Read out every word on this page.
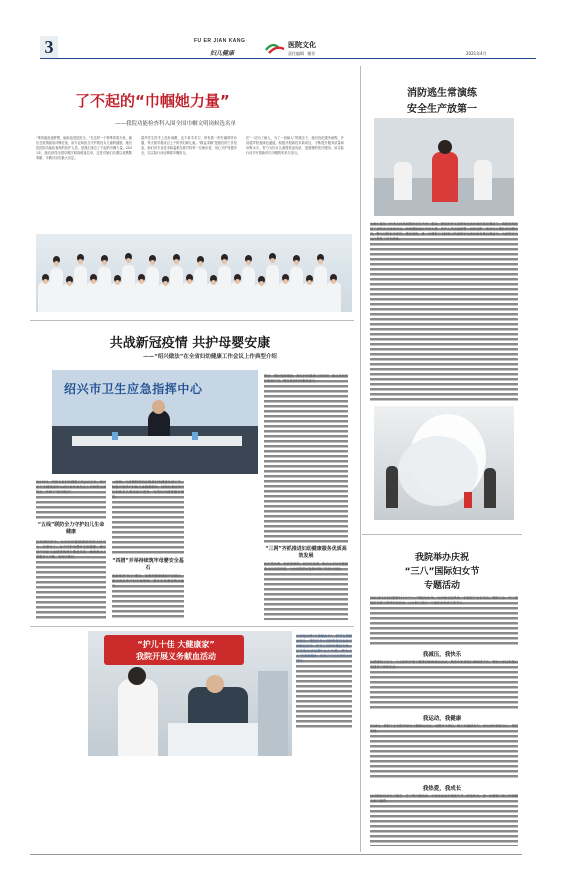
3	FU ER JIAN KANG
妇儿健康
医院文化
责任编辑 谢芳	2021年4月
了不起的“巾帼她力量”
——我院功能检查科入围全国巾帼文明岗候选名单
“乘风破浪逐梦想，砥砺奋进显担当。”在这样一个特殊的春天里，她们在疫情面前冲锋在前，用专业和担当守护着妇女儿童的健康，她们是医院功能检查科的医护人员，是我们身边了不起的巾帼力量。2021年，她们获得全国巾帼文明岗候选名单，这是对她们长期以来默默奉献、辛勤付出的最大肯定。
超声医生的手上没有闲暇，也不拿手术刀，却有着一把专属的听诊器，每天面对着成百上千的孕妇和儿童。“精益求精”是她们的工作信条，她们用专业技术和温柔态度对待每一位就诊者，用心守护母婴安全，以实际行动诠释着巾帼担当。
在“一切为了病人，为了一切病人”的理念下，她们优化服务流程，开设超声检查绿色通道，积极开展新技术新项目，不断提升服务质量和诊断水平，努力为妇女儿童提供更优质、更便捷的医疗服务，用实际行动书写着新时代巾帼的风采与担当。
共战新冠疫情 共护母婴安康
——“绍兴做法”在全省妇幼健康工作会议上作典型介绍
绍兴市卫生应急指挥中心
3月19日，首届全省妇幼健康工作会议召开，绍兴市卫生健康委作为设区市代表在会上作典型交流发言，介绍了“绍兴做法”。
“五线”联防全力守护妇儿生命健康
在疫情防控中，全市妇幼健康系统坚持人民至上、生命至上，全力守护母婴安全和健康。建立孕产妇和儿童健康管理全覆盖体系，确保重点人群服务不中断、管理不断档。
（视频）与疫情防控同步推进妇幼健康各项工作，积极开展孕产妇和儿童健康服务，加强危重症孕产妇和新生儿救治能力建设，完善妇幼健康服务网络。
“四措”并举持续筑牢母婴安全基石
创新推进“两卡”服务，加强孕期保健和产后随访，落实高危孕产妇专案管理，提升危急重症救治能力。
建设、强化保障措施，健全妇幼健康工作机制，推动优质医疗资源下沉，提升基层妇幼服务能力。
“三网”齐抓推进妇幼健康服务优质高效发展
织牢服务网、织密保障网、织好信息网，推动全市妇幼健康事业高质量发展，为全省提供可复制可推广的绍兴经验。
“护儿十佳 大健康家”
我院开展义务献血活动
为迎接全国“无偿献血日”，倡导无偿献血理念，我院医务人员积极报名参加义务献血活动。医务人员纷纷挽起衣袖，用实际行动诠释“人人为我、我为人人”的奉献精神，彰显了白衣天使的大爱情怀。
消防逃生常演练
安全生产放第一
为深入落实《中华人民共和国安全生产法》要求，提高医护人员的安全意识和应急处置能力，我院组织开展了消防安全演练活动。演练模拟病区突发火情，医护人员迅速报警、组织疏散、使用灭火器扑救初期火灾，整个过程有序高效。通过演练，进一步增强了全院职工的消防安全意识和自救互救能力，为医院安全运行提供了坚实保障。
我院举办庆祝
“三八”国际妇女节
专题活动
2021年3月8日是第111个“三八”国际妇女节，为庆祝女性风采，丰富职工业余生活，我院工会、妇工委组织开展了系列庆祝活动，让女职工度过一个愉快而有意义的节日。
我减压，我快乐
为舒缓职工压力，工会组织开展了健康讲座和减压活动，邀请专家讲授心理调适方法，帮助大家以积极心态面对工作和生活。
我运动，我健康
3月8日，我院工会在院内举办了趣味运动会，设置多个项目，职工们踊跃参与，在运动中放松身心、增进友谊。
我热爱，我成长
活动期间还举办了插花、手工等兴趣活动，大家在活动中展现才艺、收获快乐，进一步增强了职工的凝聚力和归属感。
